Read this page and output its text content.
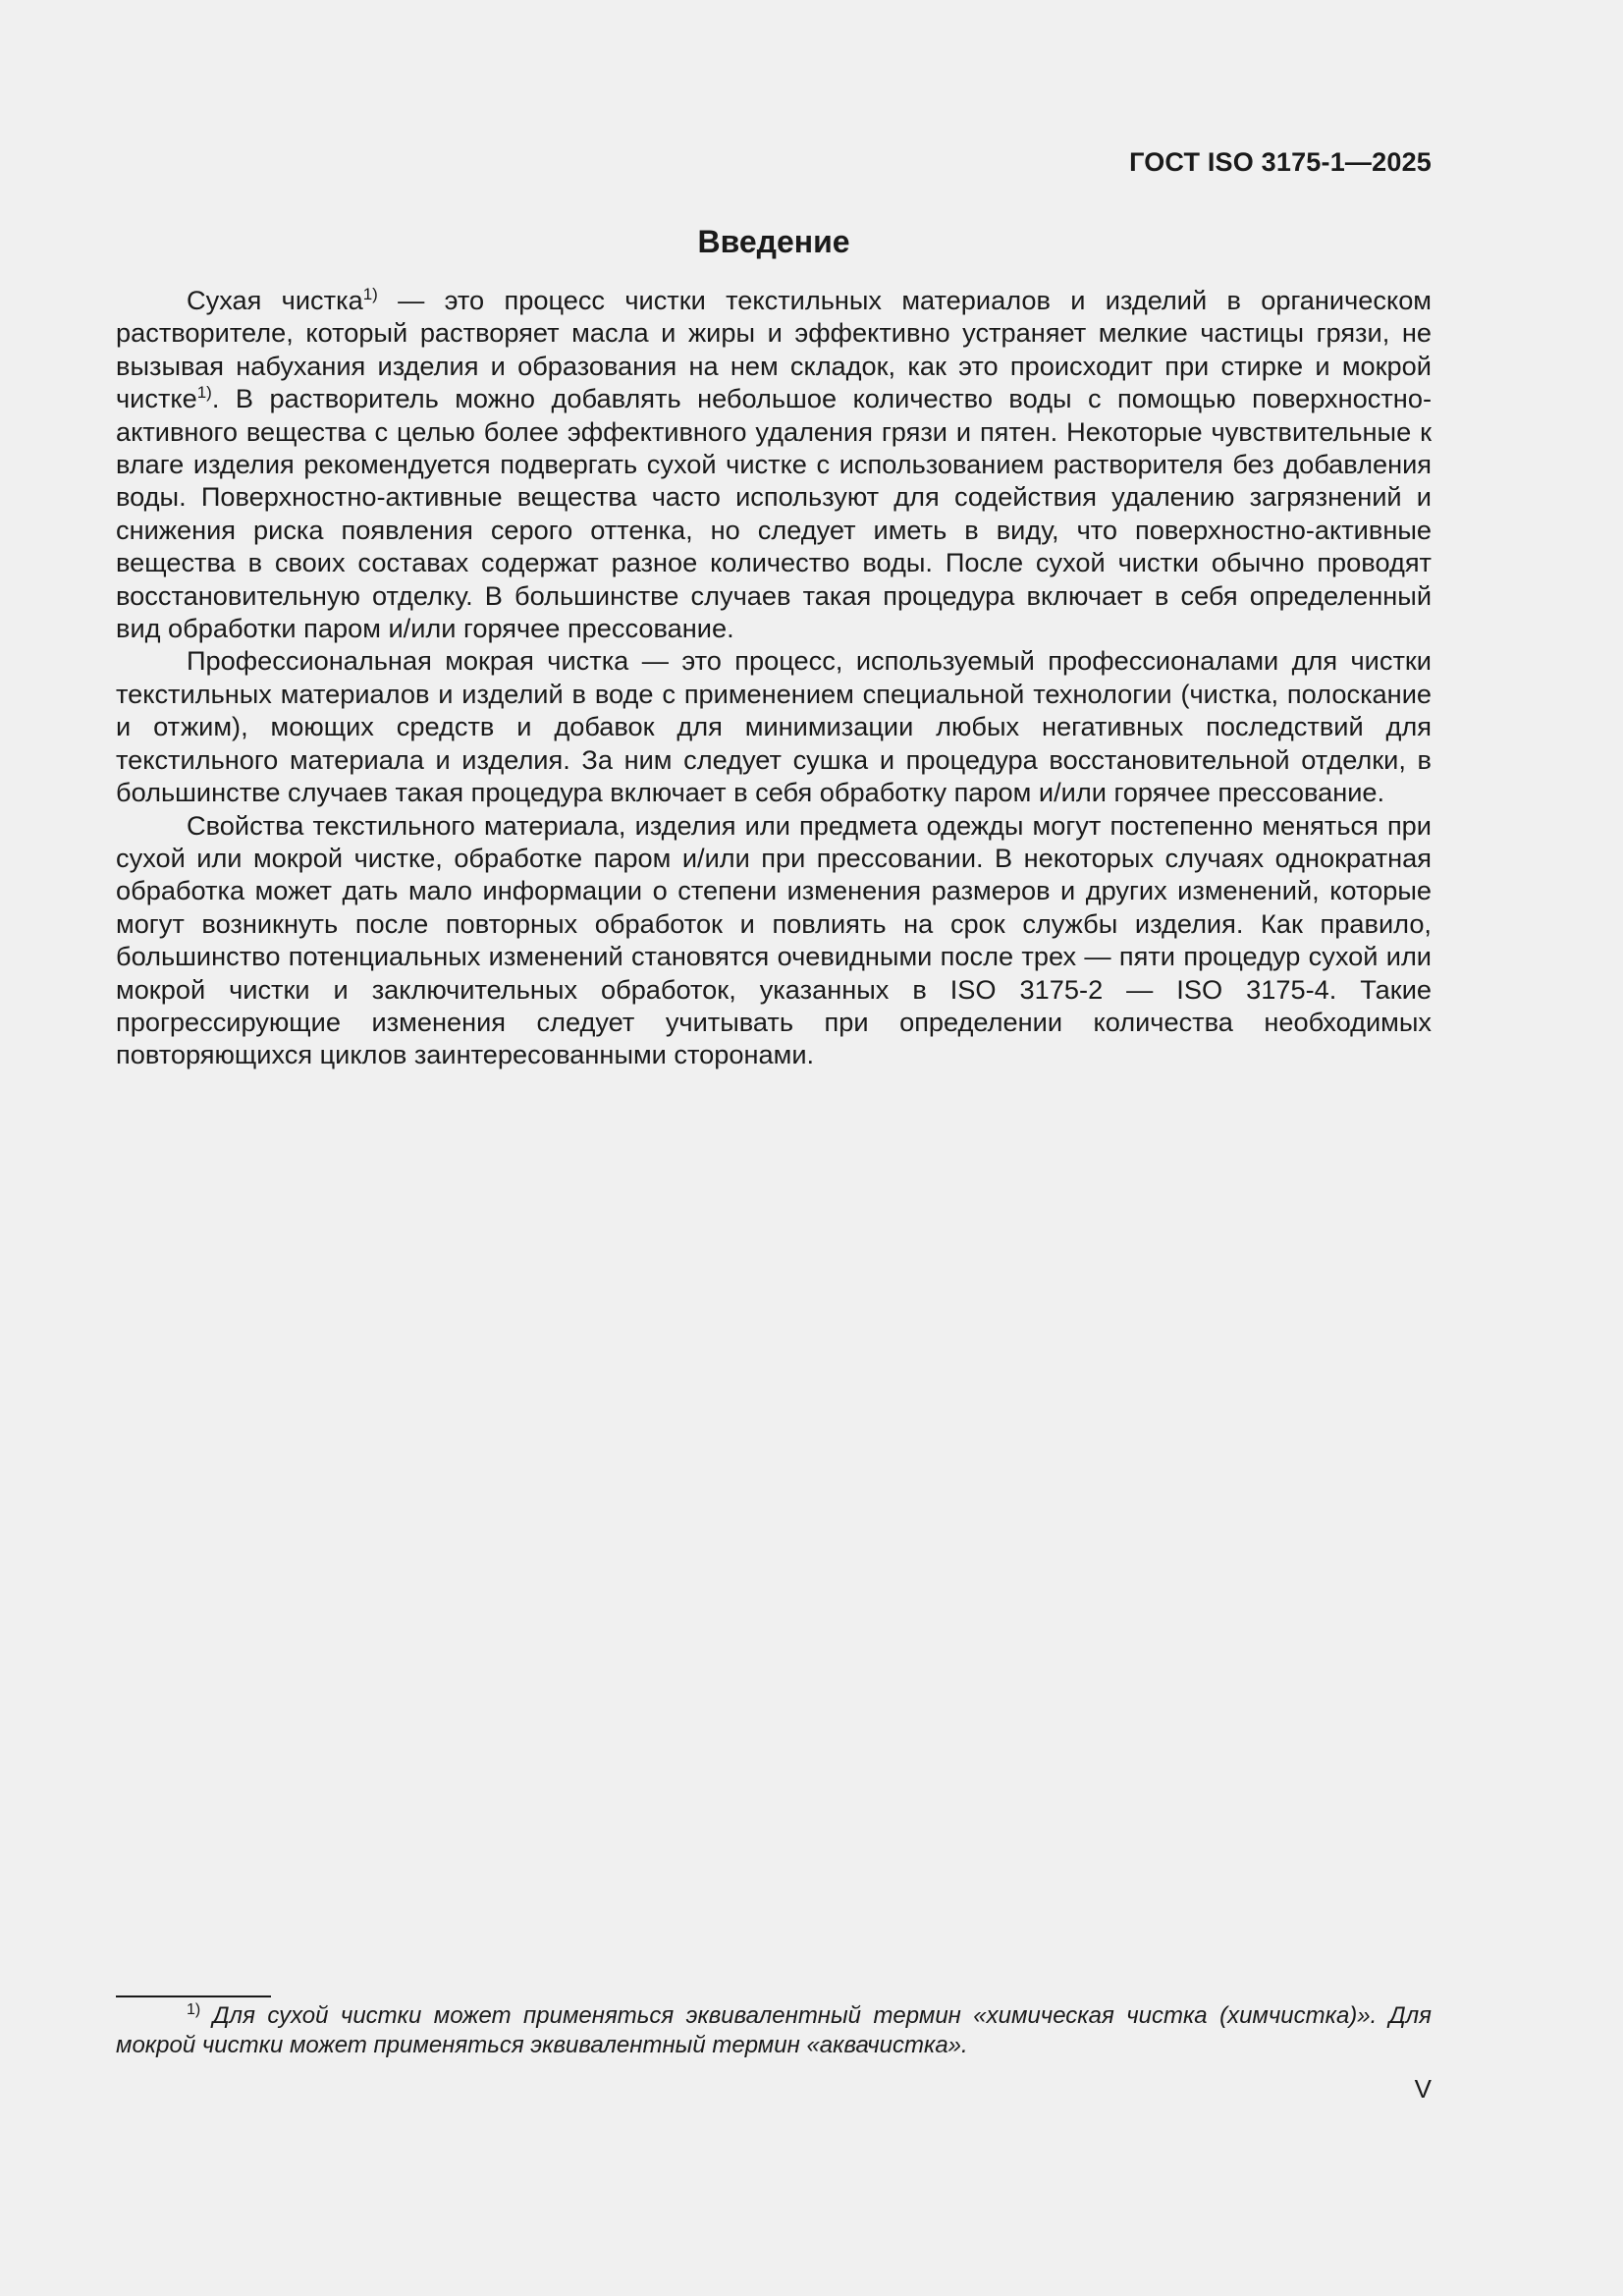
ГОСТ ISO 3175-1—2025
Введение

Сухая чистка$^{1)}$ — это процесс чистки текстильных материалов и изделий в органическом растворителе, который растворяет масла и жиры и эффективно устраняет мелкие частицы грязи, не вызывая набухания изделия и образования на нем складок, как это происходит при стирке и мокрой чистке$^{1)}$. В растворитель можно добавлять небольшое количество воды с помощью поверхностно-активного вещества с целью более эффективного удаления грязи и пятен. Некоторые чувствительные к влаге изделия рекомендуется подвергать сухой чистке с использованием растворителя без добавления воды. Поверхностно-активные вещества часто используют для содействия удалению загрязнений и снижения риска появления серого оттенка, но следует иметь в виду, что поверхностно-активные вещества в своих составах содержат разное количество воды. После сухой чистки обычно проводят восстановительную отделку. В большинстве случаев такая процедура включает в себя определенный вид обработки паром и/или горячее прессование.

Профессиональная мокрая чистка — это процесс, используемый профессионалами для чистки текстильных материалов и изделий в воде с применением специальной технологии (чистка, полоскание и отжим), моющих средств и добавок для минимизации любых негативных последствий для текстильного материала и изделия. За ним следует сушка и процедура восстановительной отделки, в большинстве случаев такая процедура включает в себя обработку паром и/или горячее прессование.

Свойства текстильного материала, изделия или предмета одежды могут постепенно меняться при сухой или мокрой чистке, обработке паром и/или при прессовании. В некоторых случаях однократная обработка может дать мало информации о степени изменения размеров и других изменений, которые могут возникнуть после повторных обработок и повлиять на срок службы изделия. Как правило, большинство потенциальных изменений становятся очевидными после трех — пяти процедур сухой или мокрой чистки и заключительных обработок, указанных в ISO 3175-2 — ISO 3175-4. Такие прогрессирующие изменения следует учитывать при определении количества необходимых повторяющихся циклов заинтересованными сторонами.

$^{1)}$ Для сухой чистки может применяться эквивалентный термин «химическая чистка (химчистка)». Для мокрой чистки может применяться эквивалентный термин «аквачистка».
V
